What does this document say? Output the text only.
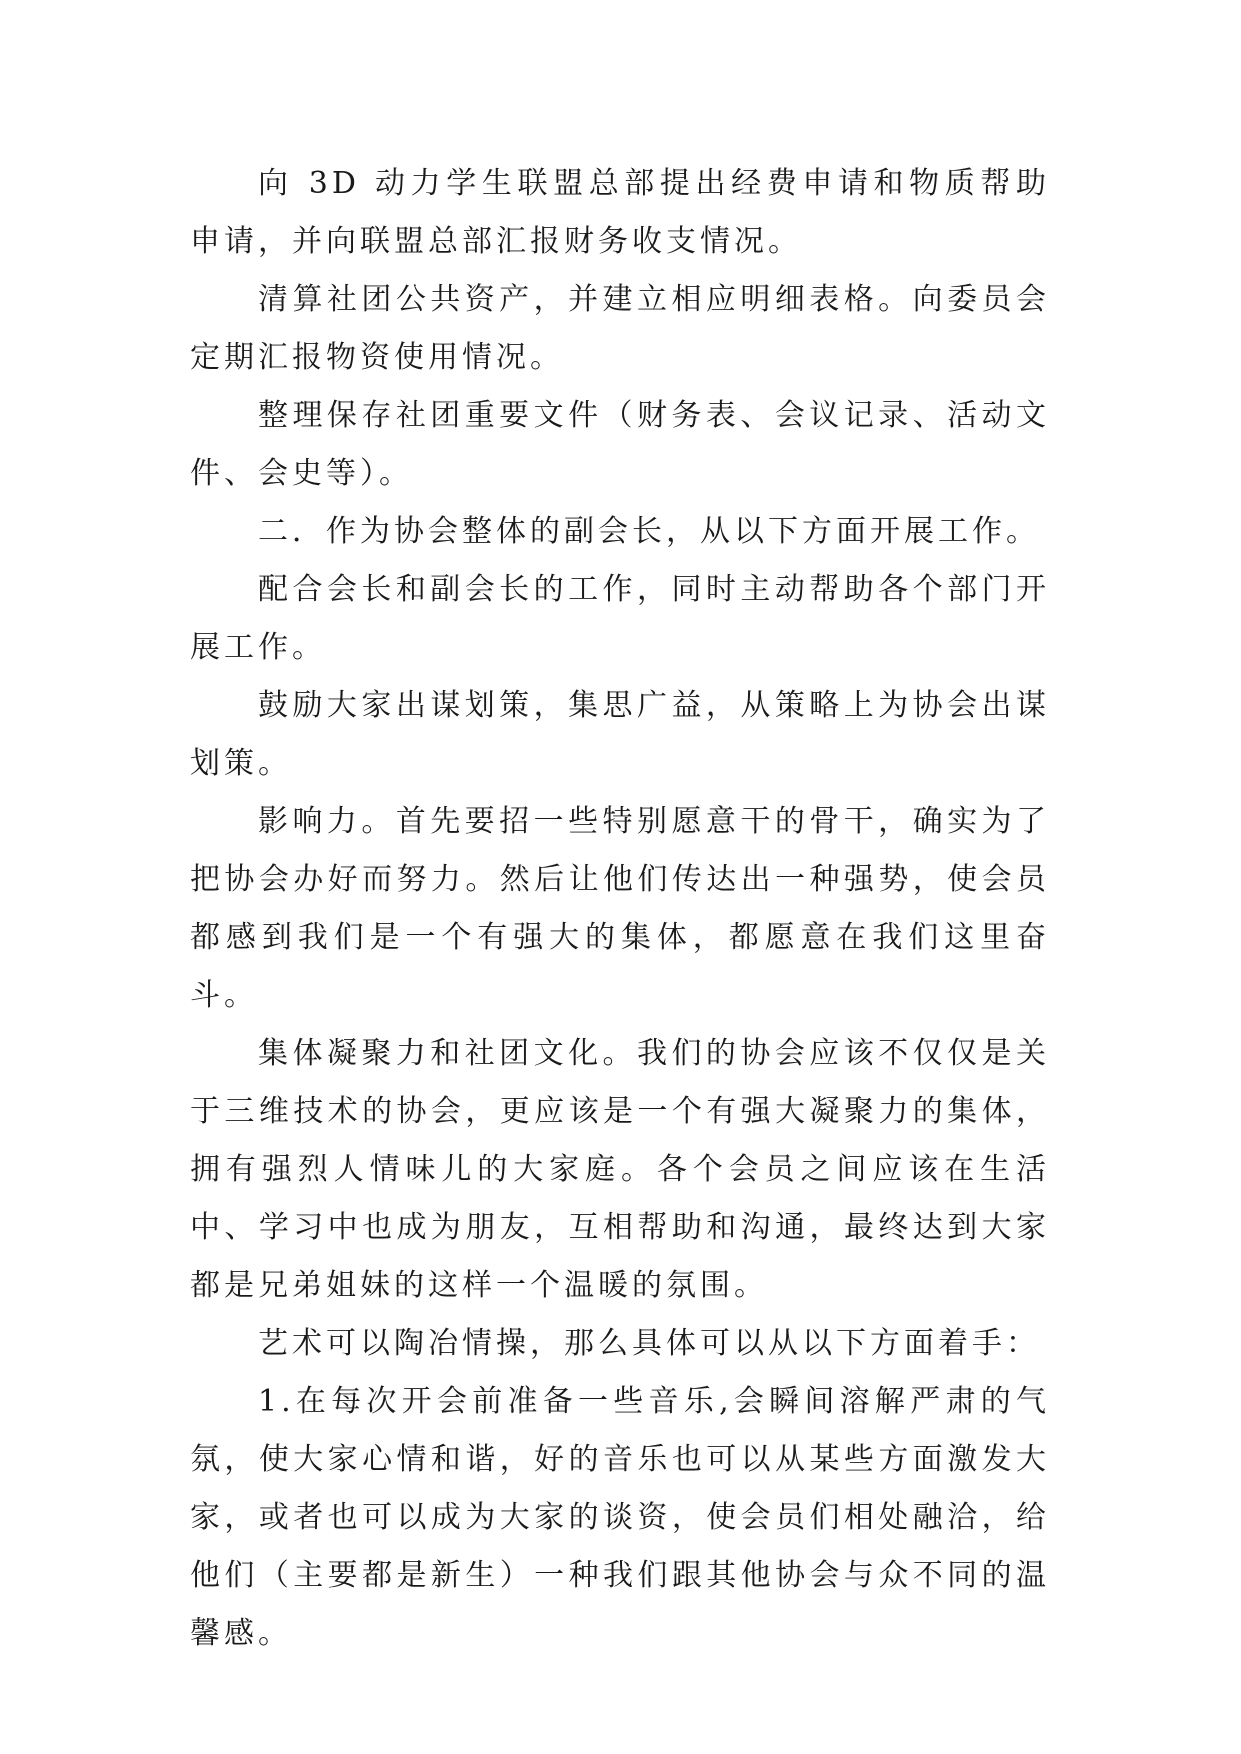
向 3D 动力学生联盟总部提出经费申请和物质帮助申请，并向联盟总部汇报财务收支情况。

清算社团公共资产，并建立相应明细表格。向委员会定期汇报物资使用情况。

整理保存社团重要文件（财务表、会议记录、活动文件、会史等）。

二．作为协会整体的副会长，从以下方面开展工作。

配合会长和副会长的工作，同时主动帮助各个部门开展工作。

鼓励大家出谋划策，集思广益，从策略上为协会出谋划策。

影响力。首先要招一些特别愿意干的骨干，确实为了把协会办好而努力。然后让他们传达出一种强势，使会员都感到我们是一个有强大的集体，都愿意在我们这里奋斗。

集体凝聚力和社团文化。我们的协会应该不仅仅是关于三维技术的协会，更应该是一个有强大凝聚力的集体，拥有强烈人情味儿的大家庭。各个会员之间应该在生活中、学习中也成为朋友，互相帮助和沟通，最终达到大家都是兄弟姐妹的这样一个温暖的氛围。

艺术可以陶冶情操，那么具体可以从以下方面着手：

1.在每次开会前准备一些音乐,会瞬间溶解严肃的气氛，使大家心情和谐，好的音乐也可以从某些方面激发大家，或者也可以成为大家的谈资，使会员们相处融洽，给他们（主要都是新生）一种我们跟其他协会与众不同的温馨感。
